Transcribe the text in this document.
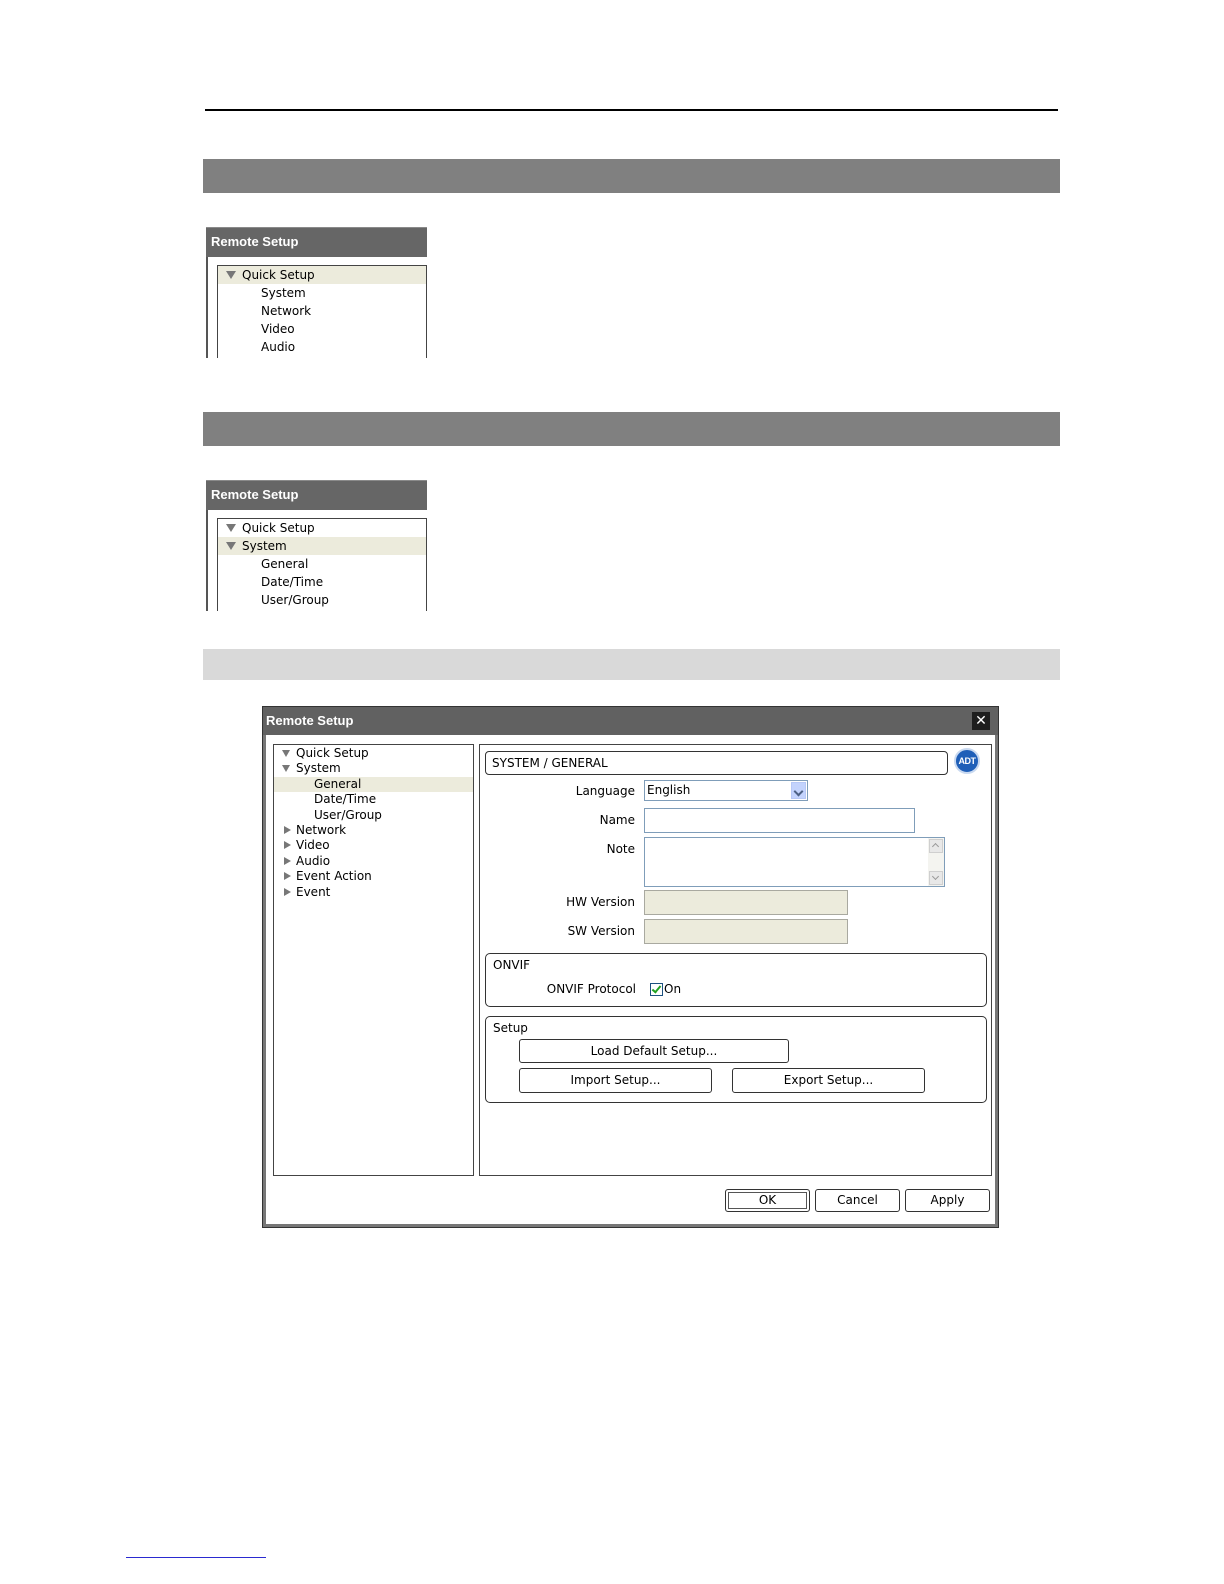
Remote Setup
Quick Setup
System
Network
Video
Audio
Remote Setup
Quick Setup
System
General
Date/Time
User/Group
Remote Setup	✕
Quick Setup
System
General
Date/Time
User/Group
Network
Video
Audio
Event Action
Event
SYSTEM / GENERAL	ADT
Language English
Name
Note
HW Version
SW Version
ONVIF
ONVIF Protocol On
Setup
Load Default Setup...
Import Setup...	Export Setup...
OK	Cancel	Apply
